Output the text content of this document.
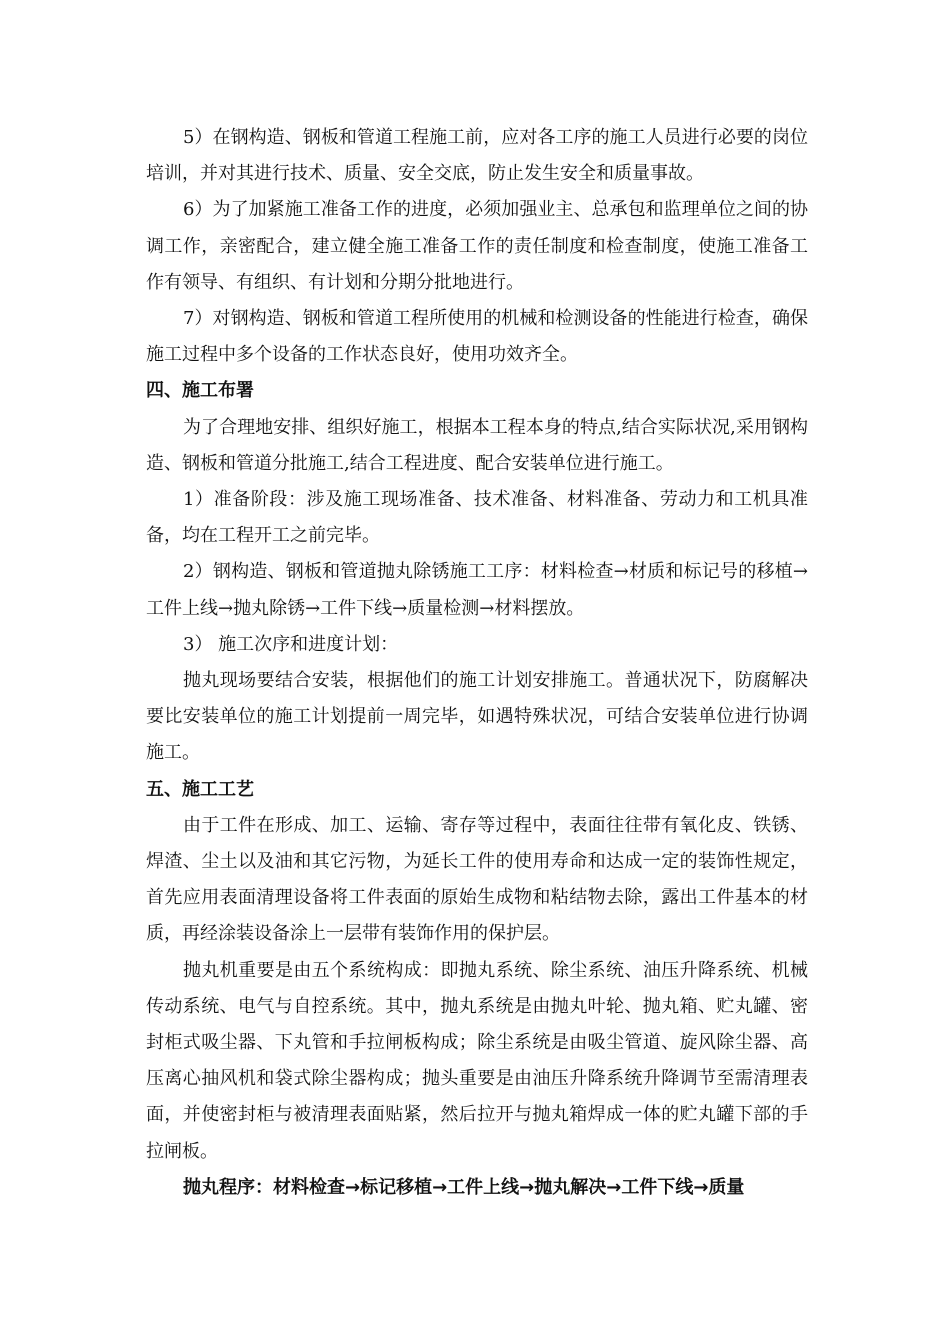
5）在钢构造、钢板和管道工程施工前，应对各工序的施工人员进行必要的岗位培训，并对其进行技术、质量、安全交底，防止发生安全和质量事故。

6）为了加紧施工准备工作的进度，必须加强业主、总承包和监理单位之间的协调工作，亲密配合，建立健全施工准备工作的责任制度和检查制度，使施工准备工作有领导、有组织、有计划和分期分批地进行。

7）对钢构造、钢板和管道工程所使用的机械和检测设备的性能进行检查，确保施工过程中多个设备的工作状态良好，使用功效齐全。

四、施工布署

为了合理地安排、组织好施工，根据本工程本身的特点,结合实际状况,采用钢构造、钢板和管道分批施工,结合工程进度、配合安装单位进行施工。

1）准备阶段：涉及施工现场准备、技术准备、材料准备、劳动力和工机具准备，均在工程开工之前完毕。

2）钢构造、钢板和管道抛丸除锈施工工序：材料检查→材质和标记号的移植→工件上线→抛丸除锈→工件下线→质量检测→材料摆放。

3） 施工次序和进度计划：

抛丸现场要结合安装，根据他们的施工计划安排施工。普通状况下，防腐解决要比安装单位的施工计划提前一周完毕，如遇特殊状况，可结合安装单位进行协调施工。

五、施工工艺

由于工件在形成、加工、运输、寄存等过程中，表面往往带有氧化皮、铁锈、焊渣、尘土以及油和其它污物，为延长工件的使用寿命和达成一定的装饰性规定，首先应用表面清理设备将工件表面的原始生成物和粘结物去除，露出工件基本的材质，再经涂装设备涂上一层带有装饰作用的保护层。

抛丸机重要是由五个系统构成：即抛丸系统、除尘系统、油压升降系统、机械传动系统、电气与自控系统。其中，抛丸系统是由抛丸叶轮、抛丸箱、贮丸罐、密封柜式吸尘器、下丸管和手拉闸板构成；除尘系统是由吸尘管道、旋风除尘器、高压离心抽风机和袋式除尘器构成；抛头重要是由油压升降系统升降调节至需清理表面，并使密封柜与被清理表面贴紧，然后拉开与抛丸箱焊成一体的贮丸罐下部的手拉闸板。

抛丸程序：材料检查→标记移植→工件上线→抛丸解决→工件下线→质量
